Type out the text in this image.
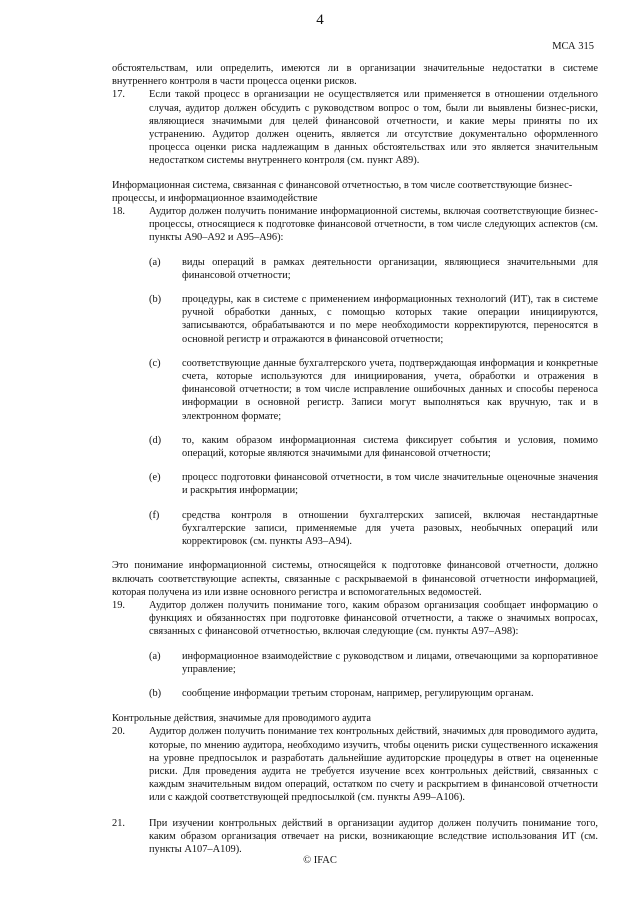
4
МСА 315

обстоятельствам, или определить, имеются ли в организации значительные недостатки в системе внутреннего контроля в части процесса оценки рисков.

17.	Если такой процесс в организации не осуществляется или применяется в отношении отдельного случая, аудитор должен обсудить с руководством вопрос о том, были ли выявлены бизнес-риски, являющиеся значимыми для целей финансовой отчетности, и какие меры приняты по их устранению. Аудитор должен оценить, является ли отсутствие документально оформленного процесса оценки риска надлежащим в данных обстоятельствах или это является значительным недостатком системы внутреннего контроля (см. пункт А89).

Информационная система, связанная с финансовой отчетностью, в том числе соответствующие бизнес-процессы, и информационное взаимодействие

18.	Аудитор должен получить понимание информационной системы, включая соответствующие бизнес-процессы, относящиеся к подготовке финансовой отчетности, в том числе следующих аспектов (см. пункты А90–А92 и А95–А96):

(a)	виды операций в рамках деятельности организации, являющиеся значительными для финансовой отчетности;

(b)	процедуры, как в системе с применением информационных технологий (ИТ), так в системе ручной обработки данных, с помощью которых такие операции инициируются, записываются, обрабатываются и по мере необходимости корректируются, переносятся в основной регистр и отражаются в финансовой отчетности;

(c)	соответствующие данные бухгалтерского учета, подтверждающая информация и конкретные счета, которые используются для инициирования, учета, обработки и отражения в финансовой отчетности; в том числе исправление ошибочных данных и способы переноса информации в основной регистр. Записи могут выполняться как вручную, так и в электронном формате;

(d)	то, каким образом информационная система фиксирует события и условия, помимо операций, которые являются значимыми для финансовой отчетности;

(e)	процесс подготовки финансовой отчетности, в том числе значительные оценочные значения и раскрытия информации;

(f)	средства контроля в отношении бухгалтерских записей, включая нестандартные бухгалтерские записи, применяемые для учета разовых, необычных операций или корректировок (см. пункты А93–А94).

Это понимание информационной системы, относящейся к подготовке финансовой отчетности, должно включать соответствующие аспекты, связанные с раскрываемой в финансовой отчетности информацией, которая получена из или извне основного регистра и вспомогательных ведомостей.

19.	Аудитор должен получить понимание того, каким образом организация сообщает информацию о функциях и обязанностях при подготовке финансовой отчетности, а также о значимых вопросах, связанных с финансовой отчетностью, включая следующие (см. пункты А97–А98):

(a)	информационное взаимодействие с руководством и лицами, отвечающими за корпоративное управление;

(b)	сообщение информации третьим сторонам, например, регулирующим органам.

Контрольные действия, значимые для проводимого аудита

20.	Аудитор должен получить понимание тех контрольных действий, значимых для проводимого аудита, которые, по мнению аудитора, необходимо изучить, чтобы оценить риски существенного искажения на уровне предпосылок и разработать дальнейшие аудиторские процедуры в ответ на оцененные риски. Для проведения аудита не требуется изучение всех контрольных действий, связанных с каждым значительным видом операций, остатком по счету и раскрытием в финансовой отчетности или с каждой соответствующей предпосылкой (см. пункты А99–А106).

21.	При изучении контрольных действий в организации аудитор должен получить понимание того, каким образом организация отвечает на риски, возникающие вследствие использования ИТ (см. пункты А107–А109).

© IFAC
